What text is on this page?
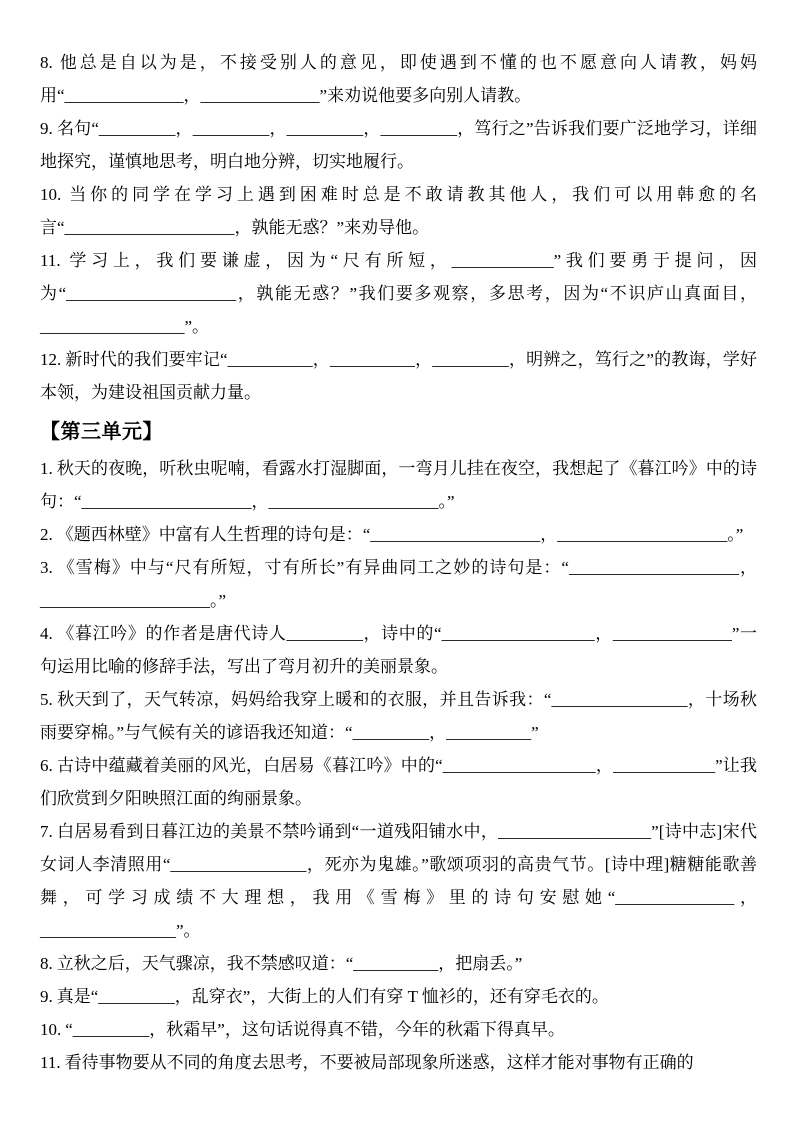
8. 他总是自以为是，不接受别人的意见，即使遇到不懂的也不愿意向人请教，妈妈用“______________，______________”来劝说他要多向别人请教。

9. 名句“_________，_________，_________，_________，笃行之”告诉我们要广泛地学习，详细地探究，谨慎地思考，明白地分辨，切实地履行。

10. 当你的同学在学习上遇到困难时总是不敢请教其他人，我们可以用韩愈的名言“____________________，孰能无惑？”来劝导他。

11. 学习上，我们要谦虚，因为“尺有所短，____________”我们要勇于提问，因为“____________________，孰能无惑？”我们要多观察，多思考，因为“不识庐山真面目，_________________”。

12. 新时代的我们要牢记“__________，__________，_________，明辨之，笃行之”的教诲，学好本领，为建设祖国贡献力量。

【第三单元】

1. 秋天的夜晚，听秋虫呢喃，看露水打湿脚面，一弯月儿挂在夜空，我想起了《暮江吟》中的诗句：“____________________，____________________。”

2. 《题西林壁》中富有人生哲理的诗句是：“____________________，____________________。”

3. 《雪梅》中与“尺有所短，寸有所长”有异曲同工之妙的诗句是：“____________________，____________________。”

4. 《暮江吟》的作者是唐代诗人_________，诗中的“__________________，______________”一句运用比喻的修辞手法，写出了弯月初升的美丽景象。

5. 秋天到了，天气转凉，妈妈给我穿上暖和的衣服，并且告诉我：“________________，十场秋雨要穿棉。”与气候有关的谚语我还知道：“_________，__________”

6. 古诗中蕴藏着美丽的风光，白居易《暮江吟》中的“__________________，____________”让我们欣赏到夕阳映照江面的绚丽景象。

7. 白居易看到日暮江边的美景不禁吟诵到“一道残阳铺水中，__________________”[诗中志]宋代女词人李清照用“________________，死亦为鬼雄。”歌颂项羽的高贵气节。[诗中理]糖糖能歌善舞，可学习成绩不大理想，我用《雪梅》里的诗句安慰她“______________，________________”。

8. 立秋之后，天气骤凉，我不禁感叹道：“__________，把扇丢。”

9. 真是“_________，乱穿衣”，大街上的人们有穿 T 恤衫的，还有穿毛衣的。

10. “_________，秋霜早”，这句话说得真不错，今年的秋霜下得真早。

11. 看待事物要从不同的角度去思考，不要被局部现象所迷惑，这样才能对事物有正确的
